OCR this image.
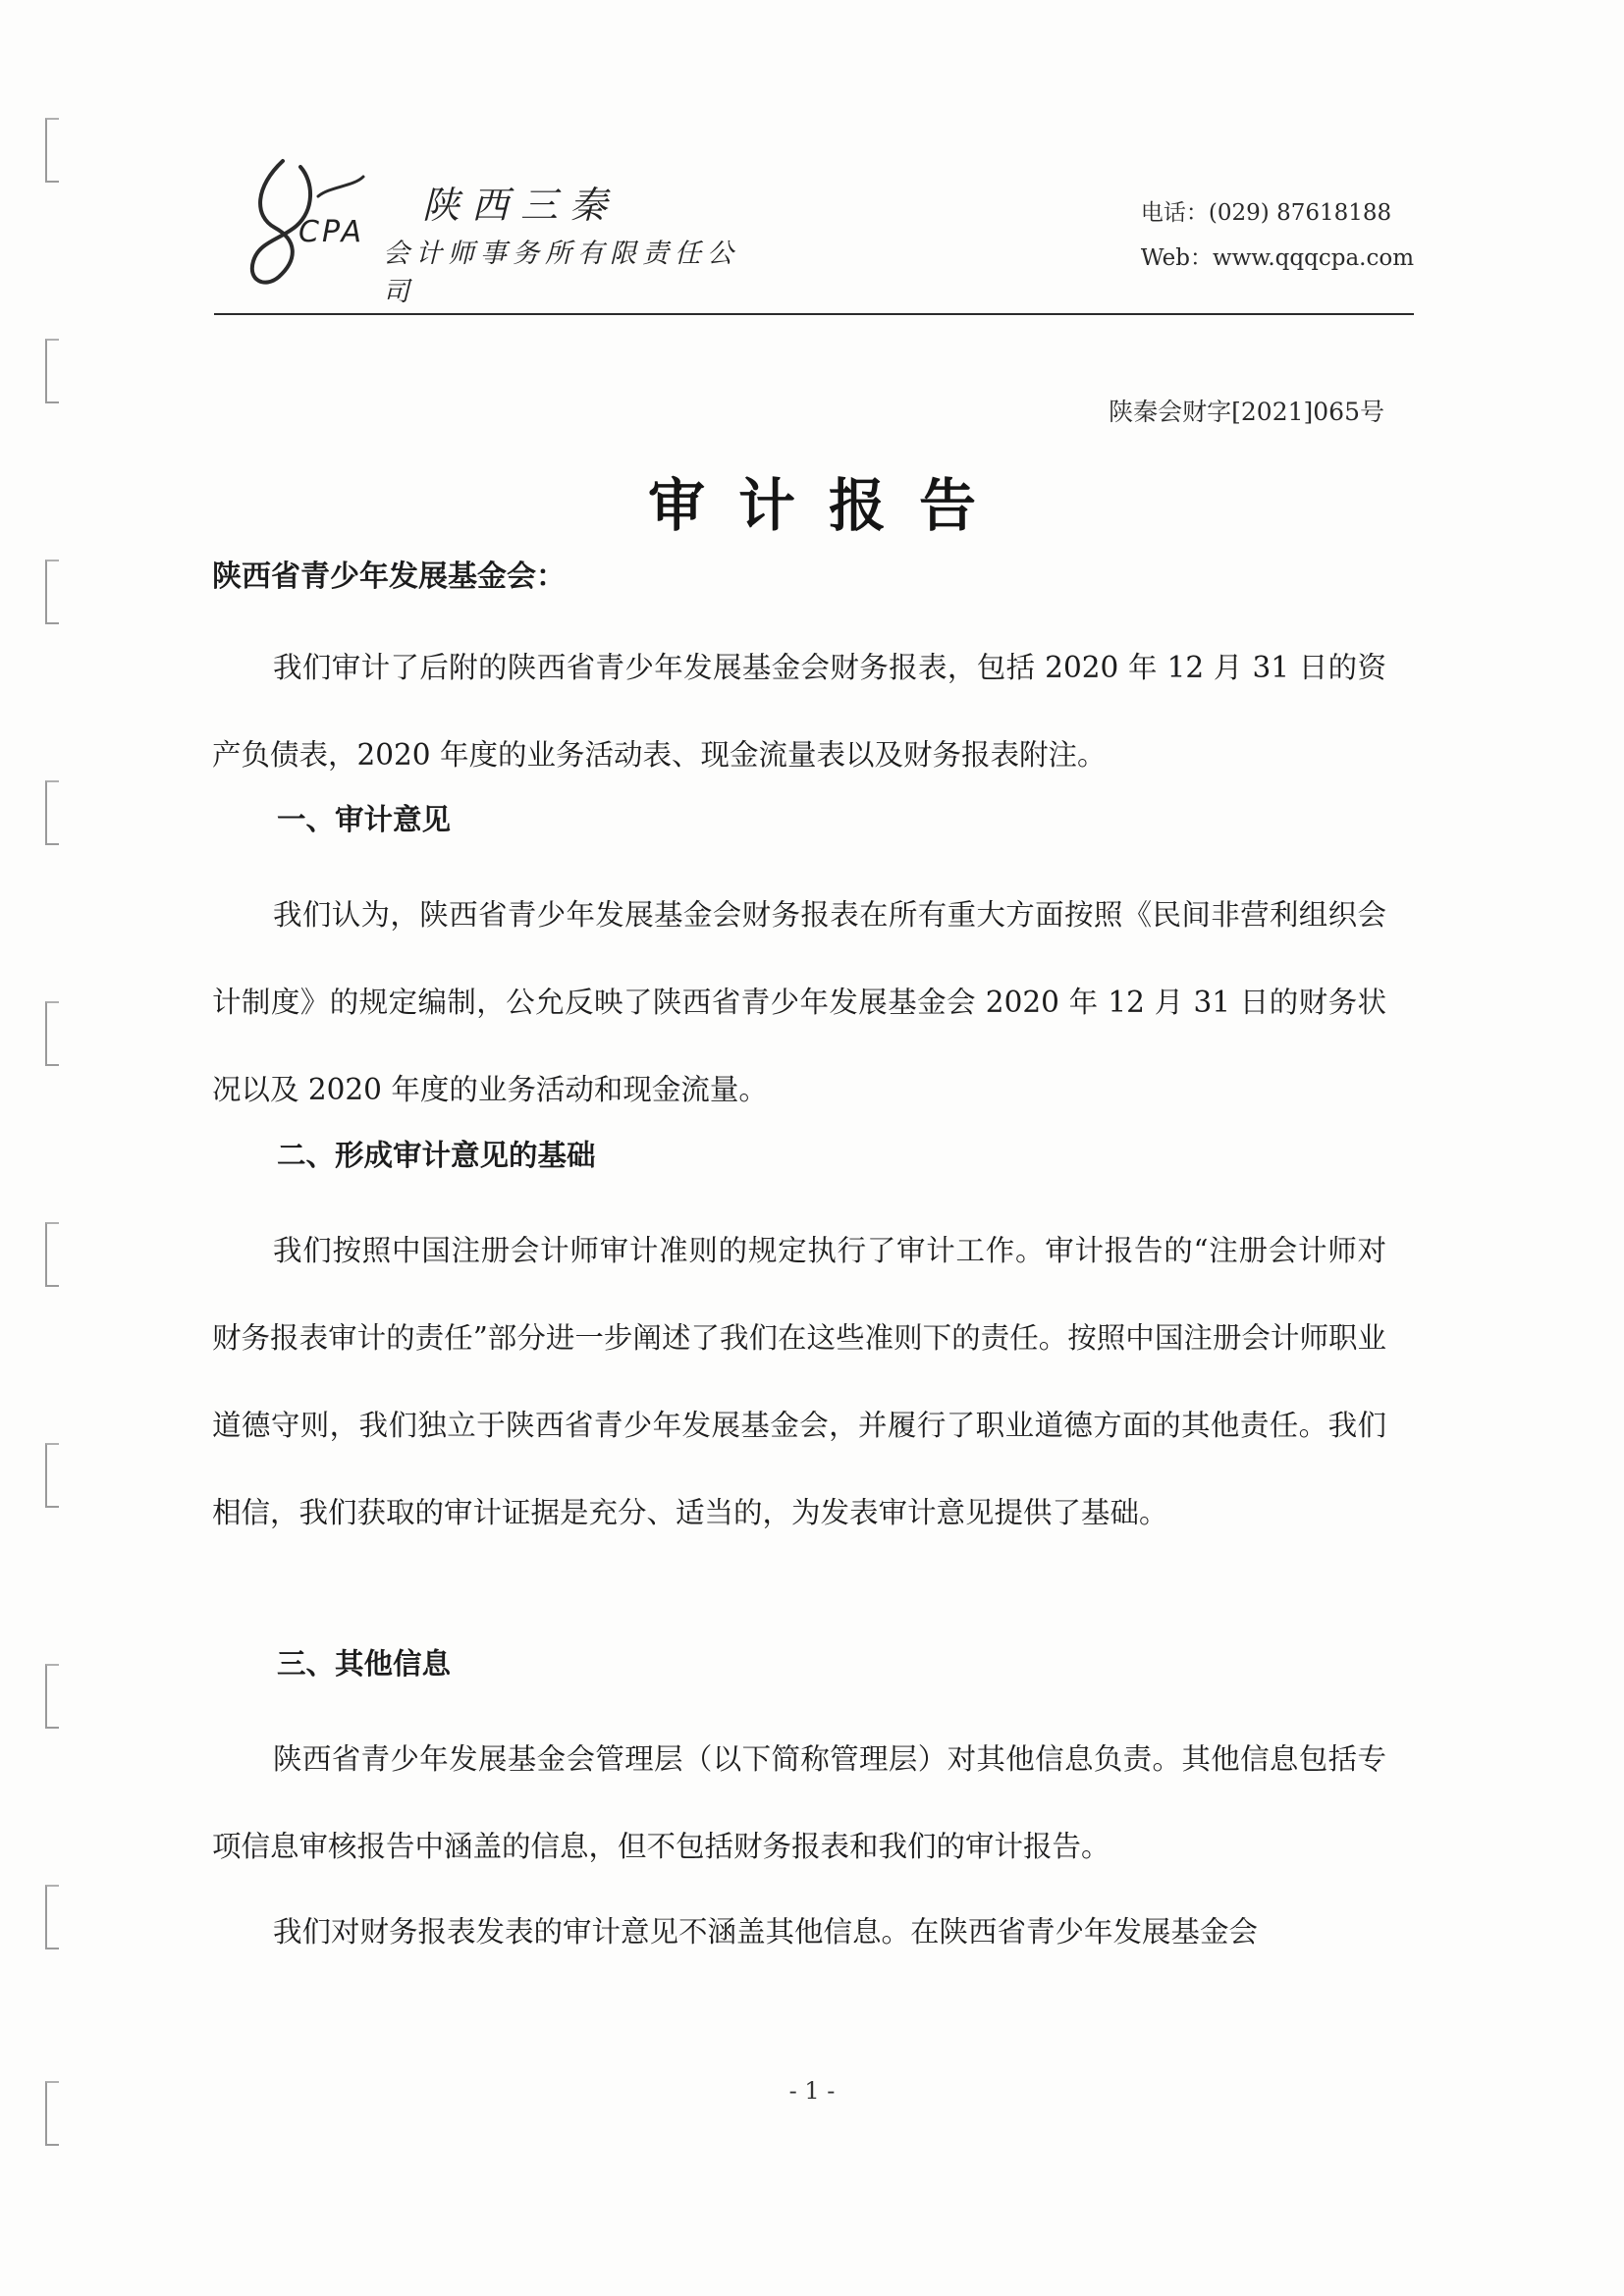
CPA
陕西三秦
会计师事务所有限责任公司
电话：(029) 87618188
Web：www.qqqcpa.com
陕秦会财字[2021]065号
审计报告
陕西省青少年发展基金会：

我们审计了后附的陕西省青少年发展基金会财务报表，包括 2020 年 12 月 31 日的资产负债表，2020 年度的业务活动表、现金流量表以及财务报表附注。

一、审计意见

我们认为，陕西省青少年发展基金会财务报表在所有重大方面按照《民间非营利组织会计制度》的规定编制，公允反映了陕西省青少年发展基金会 2020 年 12 月 31 日的财务状况以及 2020 年度的业务活动和现金流量。

二、形成审计意见的基础

我们按照中国注册会计师审计准则的规定执行了审计工作。审计报告的“注册会计师对财务报表审计的责任”部分进一步阐述了我们在这些准则下的责任。按照中国注册会计师职业道德守则，我们独立于陕西省青少年发展基金会，并履行了职业道德方面的其他责任。我们相信，我们获取的审计证据是充分、适当的，为发表审计意见提供了基础。

三、其他信息

陕西省青少年发展基金会管理层（以下简称管理层）对其他信息负责。其他信息包括专项信息审核报告中涵盖的信息，但不包括财务报表和我们的审计报告。

我们对财务报表发表的审计意见不涵盖其他信息。在陕西省青少年发展基金会

- 1 -
